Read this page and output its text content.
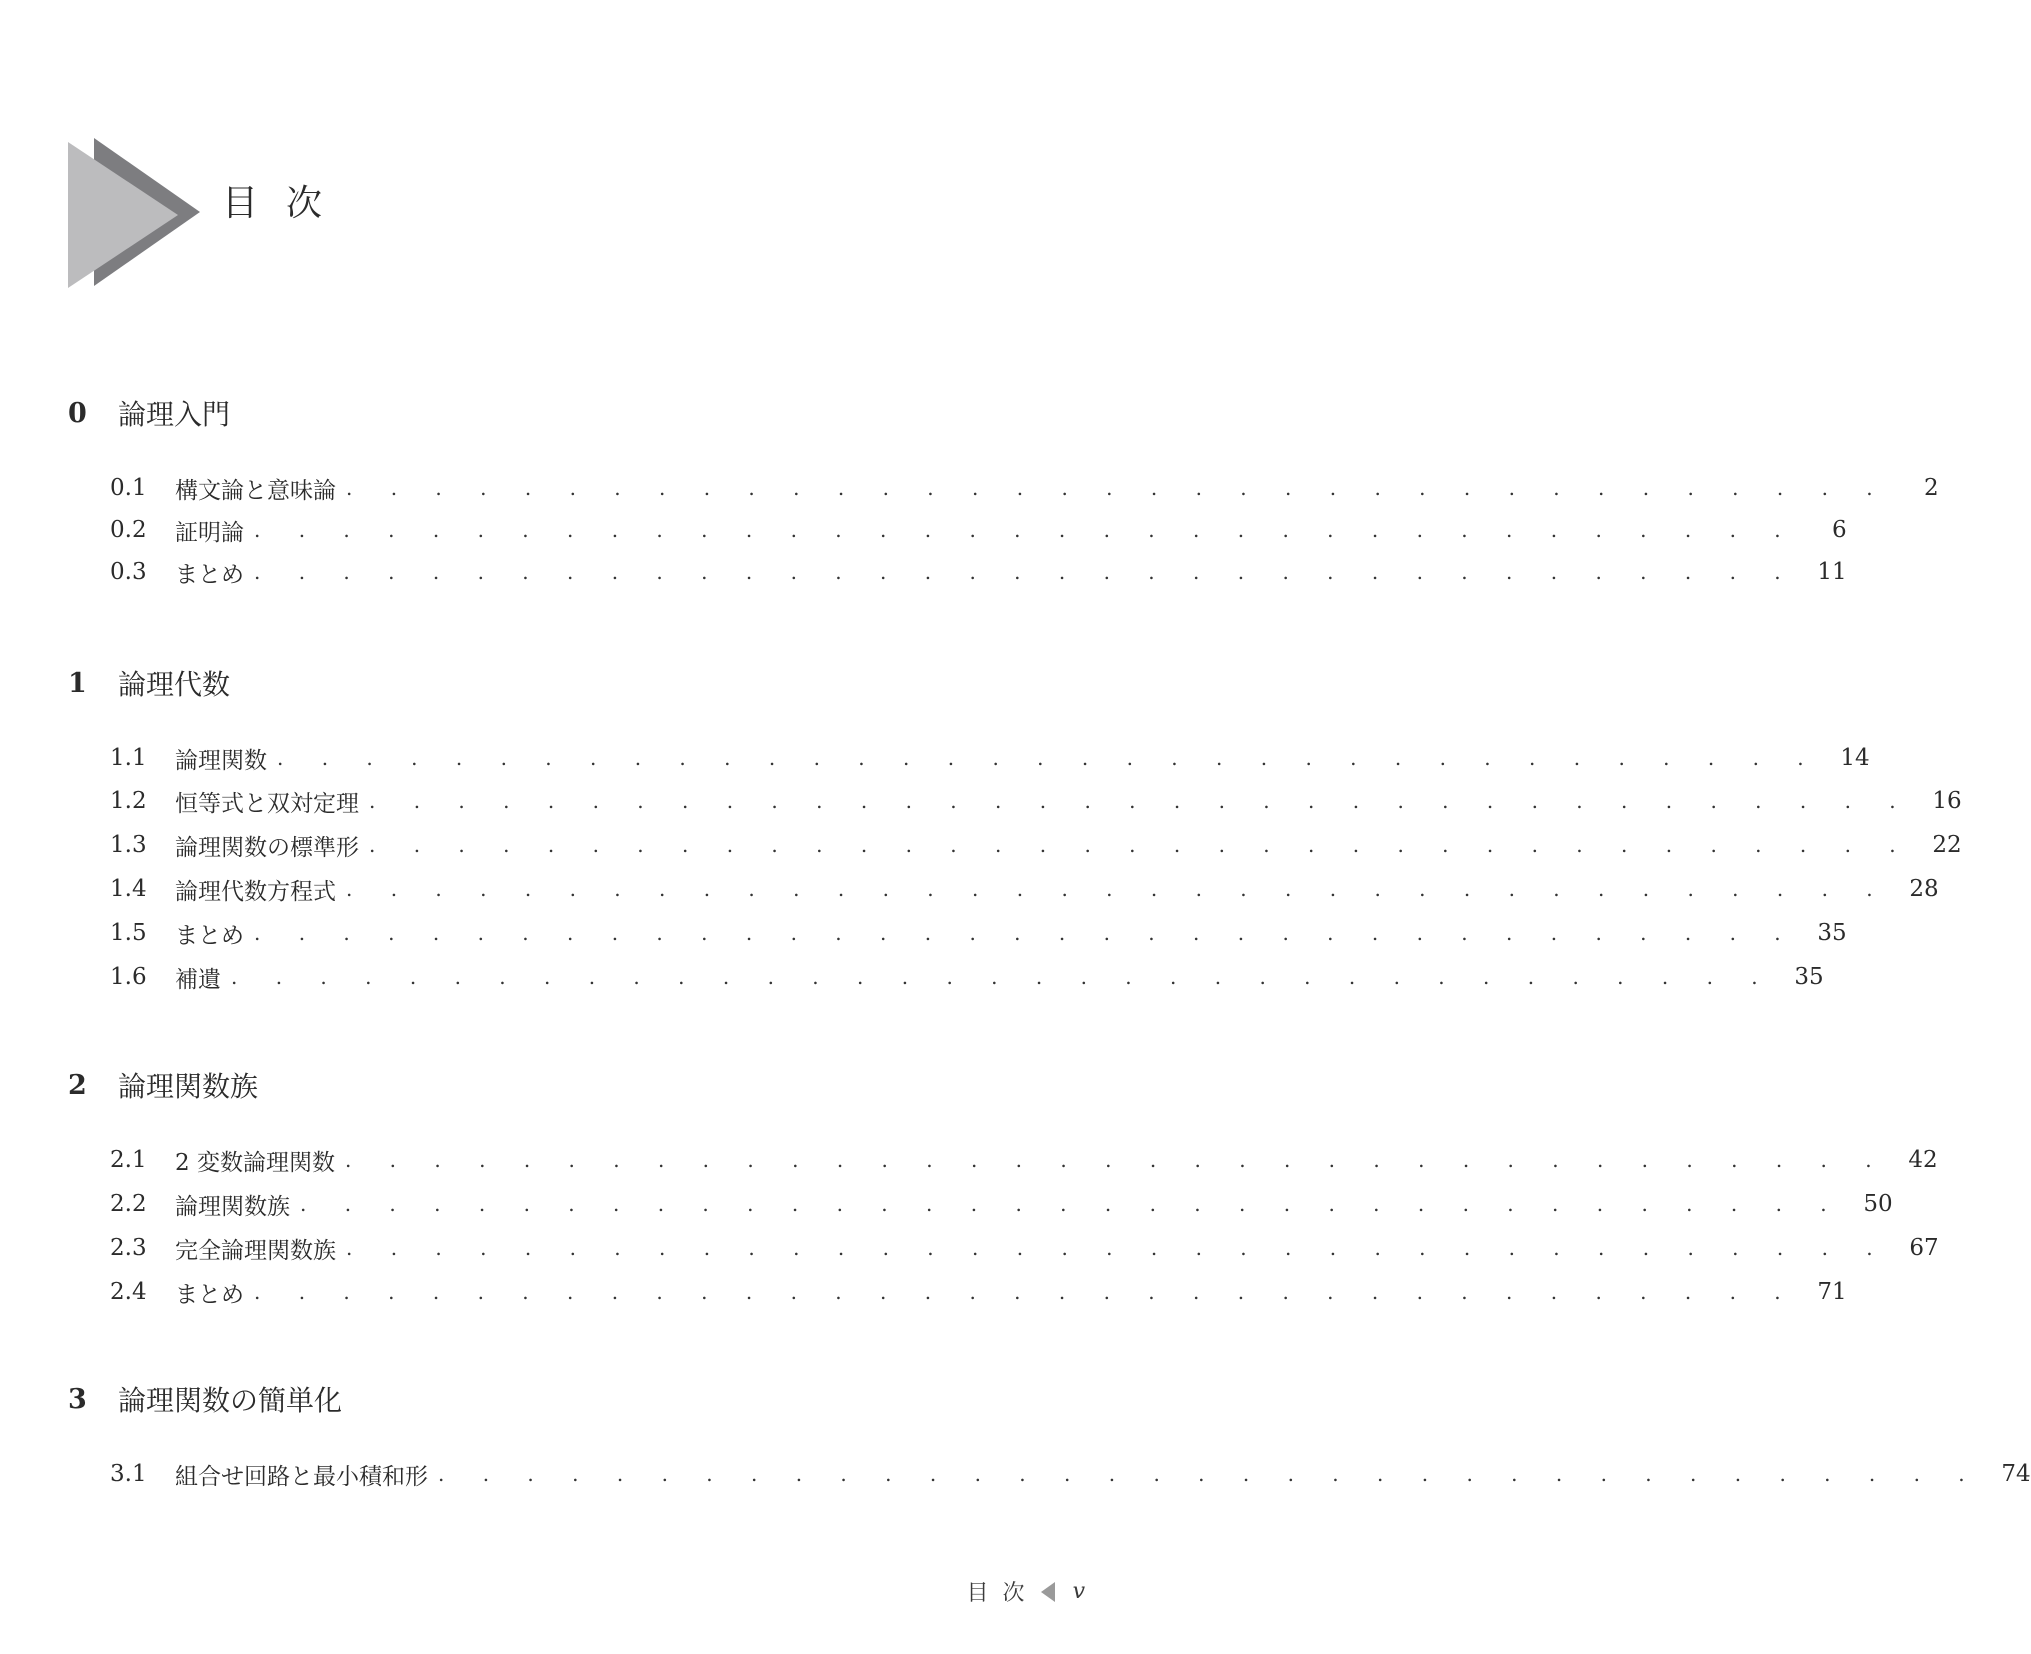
目次
0	論理入門
0.1	構文論と意味論 . . . . . . . . . . . . . . . . . . . . . . . . . . . . . . . . . . .	2
0.2	証明論 . . . . . . . . . . . . . . . . . . . . . . . . . . . . . . . . . . .	6
0.3	まとめ . . . . . . . . . . . . . . . . . . . . . . . . . . . . . . . . . . . 11
1	論理代数
1.1	論理関数 . . . . . . . . . . . . . . . . . . . . . . . . . . . . . . . . . . . 14
1.2	恒等式と双対定理 . . . . . . . . . . . . . . . . . . . . . . . . . . . . . . . . . . . 16
1.3	論理関数の標準形 . . . . . . . . . . . . . . . . . . . . . . . . . . . . . . . . . . . 22
1.4	論理代数方程式 . . . . . . . . . . . . . . . . . . . . . . . . . . . . . . . . . . . 28
1.5	まとめ . . . . . . . . . . . . . . . . . . . . . . . . . . . . . . . . . . . 35
1.6	補遺 . . . . . . . . . . . . . . . . . . . . . . . . . . . . . . . . . . . 35
2	論理関数族
2.1	2 変数論理関数 . . . . . . . . . . . . . . . . . . . . . . . . . . . . . . . . . . . 42
2.2	論理関数族 . . . . . . . . . . . . . . . . . . . . . . . . . . . . . . . . . . . 50
2.3	完全論理関数族 . . . . . . . . . . . . . . . . . . . . . . . . . . . . . . . . . . . 67
2.4	まとめ . . . . . . . . . . . . . . . . . . . . . . . . . . . . . . . . . . . 71
3	論理関数の簡単化
3.1	組合せ回路と最小積和形 . . . . . . . . . . . . . . . . . . . . . . . . . . . . . . . . . . . 74
目次 v
